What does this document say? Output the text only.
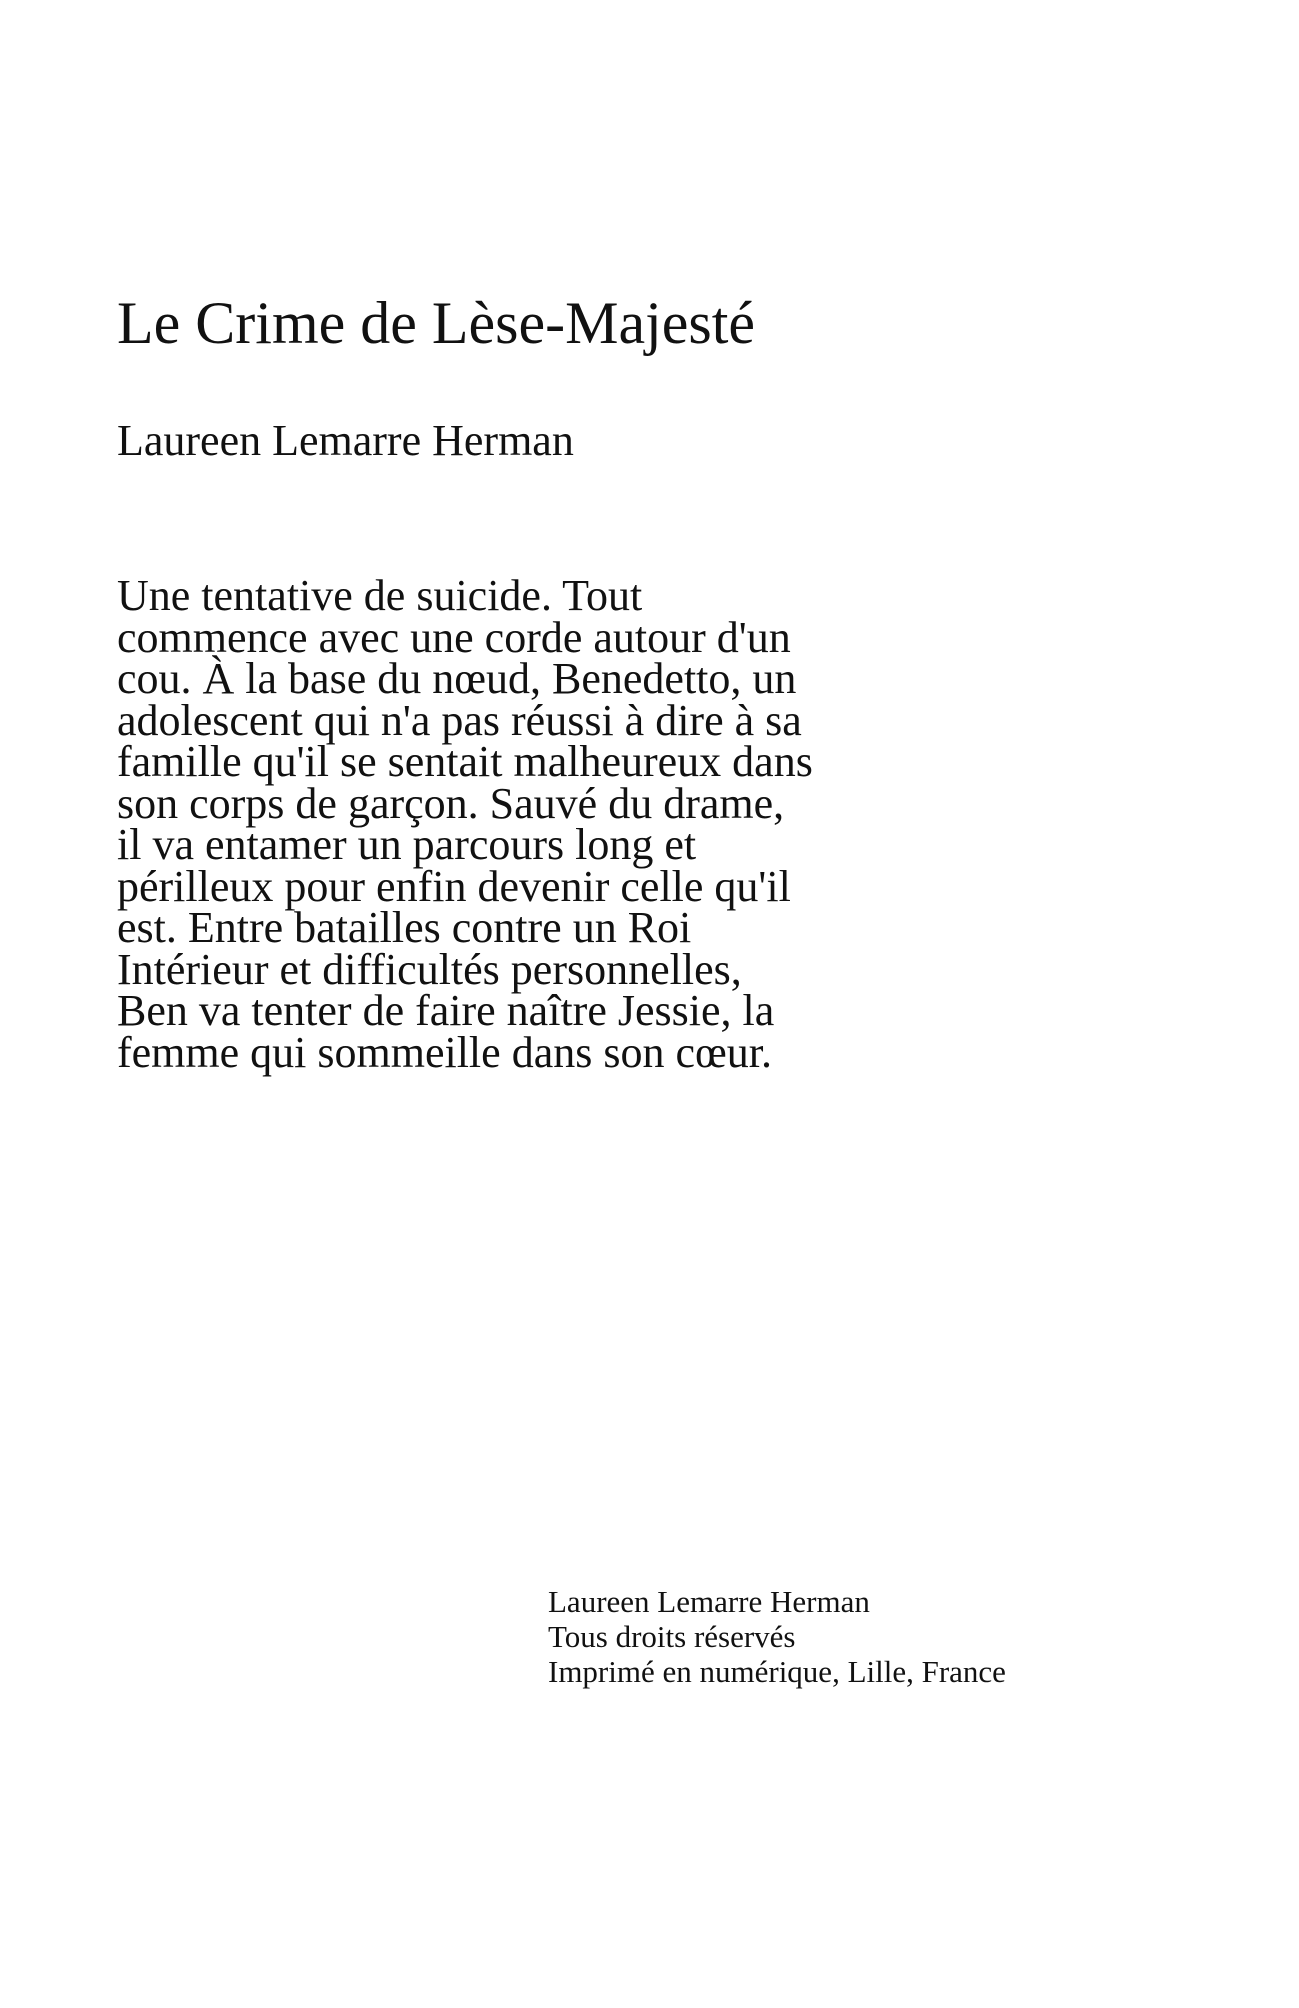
Le Crime de Lèse-Majesté
Laureen Lemarre Herman

Une tentative de suicide. Tout
commence avec une corde autour d'un
cou. À la base du nœud, Benedetto, un
adolescent qui n'a pas réussi à dire à sa
famille qu'il se sentait malheureux dans
son corps de garçon. Sauvé du drame,
il va entamer un parcours long et
périlleux pour enfin devenir celle qu'il
est. Entre batailles contre un Roi
Intérieur et difficultés personnelles,
Ben va tenter de faire naître Jessie, la
femme qui sommeille dans son cœur.

Laureen Lemarre Herman
Tous droits réservés
Imprimé en numérique, Lille, France
